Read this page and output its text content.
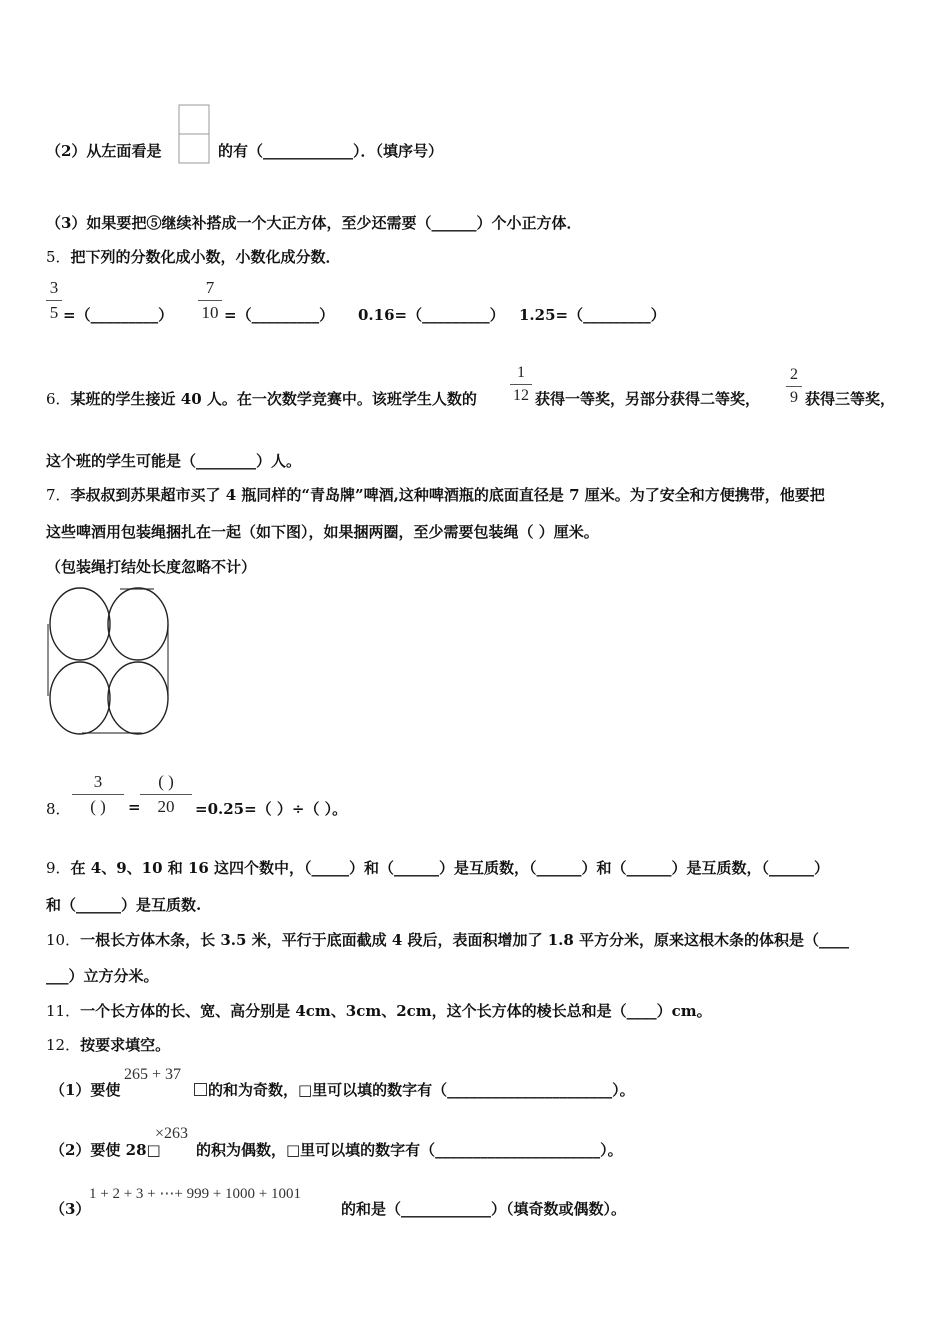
（2）从左面看是	的有（____________）．（填序号）
（3）如果要把⑤继续补搭成一个大正方体，至少还需要（______）个小正方体．
5．把下列的分数化成小数，小数化成分数．
3
5 =（_________）
7
10 =（_________） 0.16=（_________） 1.25=（_________）
6．某班的学生接近 40 人。在一次数学竞赛中。该班学生人数的
1
12 获得一等奖，另部分获得二等奖，
2
9 获得三等奖，
这个班的学生可能是（________）人。
7．李叔叔到苏果超市买了 4 瓶同样的“青岛牌”啤酒,这种啤酒瓶的底面直径是 7 厘米。为了安全和方便携带，他要把
这些啤酒用包装绳捆扎在一起（如下图），如果捆两圈，至少需要包装绳（ ）厘米。
（包装绳打结处长度忽略不计）
8．
3
( )	=
( )
20	=0.25=（ ）÷（ ）。
9．在 4、9、10 和 16 这四个数中，（_____）和（______）是互质数，（______）和（______）是互质数，（______）
和（______）是互质数.
10．一根长方体木条，长 3.5 米，平行于底面截成 4 段后，表面积增加了 1.8 平方分米，原来这根木条的体积是（____
___）立方分米。
11．一个长方体的长、宽、高分别是 4cm、3cm、2cm，这个长方体的棱长总和是（____）cm。
12．按要求填空。
（1）要使
265 + 37
的和为奇数，□里可以填的数字有（______________________）。
（2）要使 28□
×263
的积为偶数，□里可以填的数字有（______________________）。
（3）
1 + 2 + 3 + ⋯+ 999 + 1000 + 1001
的和是（____________）（填奇数或偶数）。
